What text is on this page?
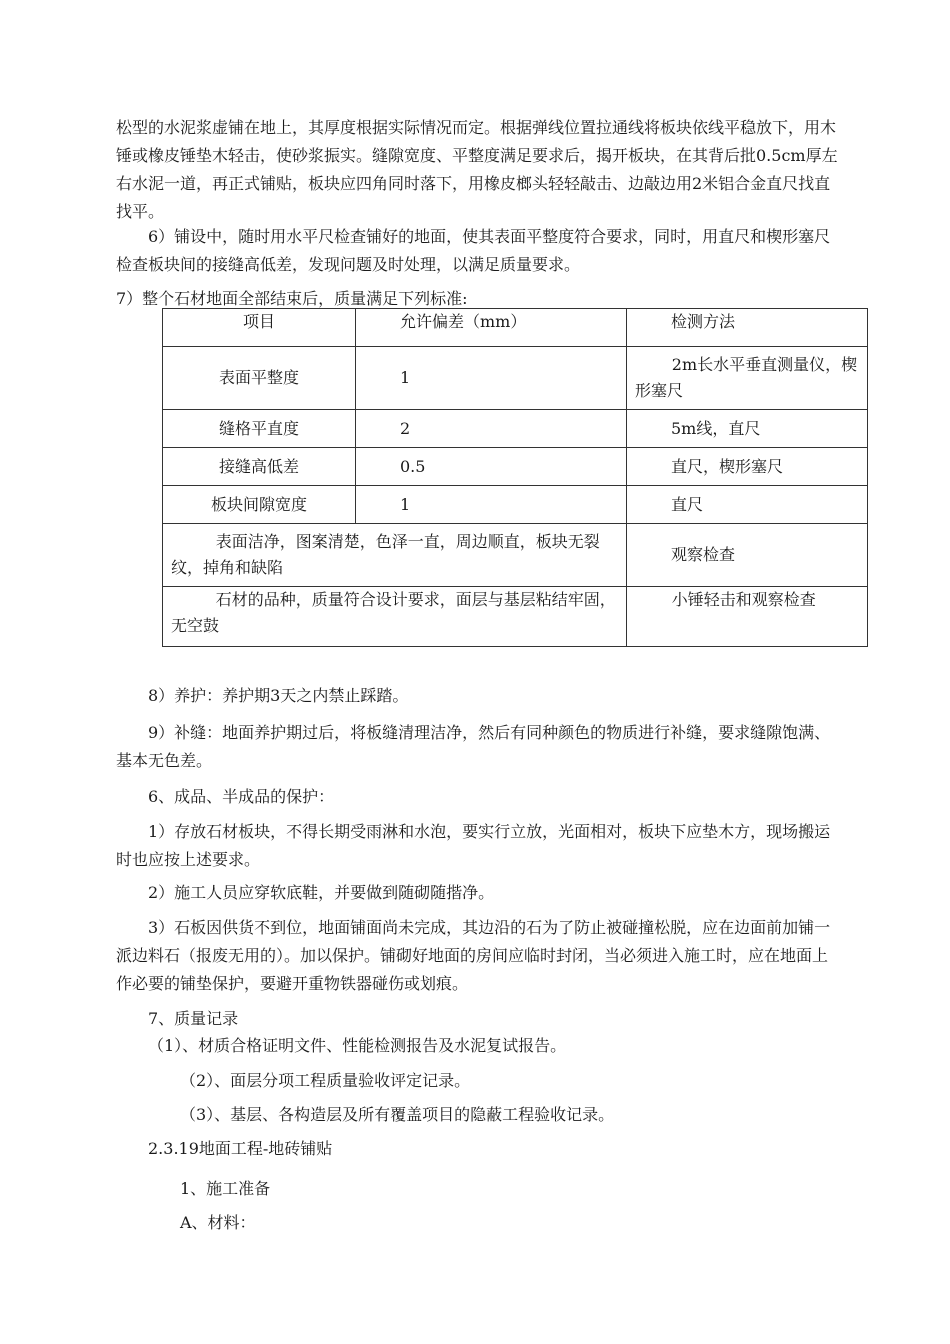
松型的水泥浆虚铺在地上，其厚度根据实际情况而定。根据弹线位置拉通线将板块依线平稳放下，用木锤或橡皮锤垫木轻击，使砂浆振实。缝隙宽度、平整度满足要求后，揭开板块，在其背后批0.5cm厚左右水泥一道，再正式铺贴，板块应四角同时落下，用橡皮榔头轻轻敲击、边敲边用2米铝合金直尺找直找平。
6）铺设中，随时用水平尺检查铺好的地面，使其表面平整度符合要求，同时，用直尺和楔形塞尺检查板块间的接缝高低差，发现问题及时处理，以满足质量要求。
7）整个石材地面全部结束后，质量满足下列标准:
项目	允许偏差（mm）	检测方法
表面平整度	1	2m长水平垂直测量仪，楔形塞尺
缝格平直度	2	5m线，直尺
接缝高低差	0.5	直尺，楔形塞尺
板块间隙宽度	1	直尺
表面洁净，图案清楚，色泽一直，周边顺直，板块无裂纹，掉角和缺陷		观察检查
石材的品种，质量符合设计要求，面层与基层粘结牢固，无空鼓		小锤轻击和观察检查
8）养护：养护期3天之内禁止踩踏。
9）补缝：地面养护期过后，将板缝清理洁净，然后有同种颜色的物质进行补缝，要求缝隙饱满、基本无色差。
6、成品、半成品的保护：
1）存放石材板块，不得长期受雨淋和水泡，要实行立放，光面相对，板块下应垫木方，现场搬运时也应按上述要求。
2）施工人员应穿软底鞋，并要做到随砌随揩净。
3）石板因供货不到位，地面铺面尚未完成，其边沿的石为了防止被碰撞松脱，应在边面前加铺一派边料石（报废无用的）。加以保护。铺砌好地面的房间应临时封闭，当必须进入施工时，应在地面上作必要的铺垫保护，要避开重物铁器碰伤或划痕。
7、质量记录
（1）、材质合格证明文件、性能检测报告及水泥复试报告。
（2）、面层分项工程质量验收评定记录。
（3）、基层、各构造层及所有覆盖项目的隐蔽工程验收记录。
2.3.19地面工程-地砖铺贴
1、施工准备
A、材料：
